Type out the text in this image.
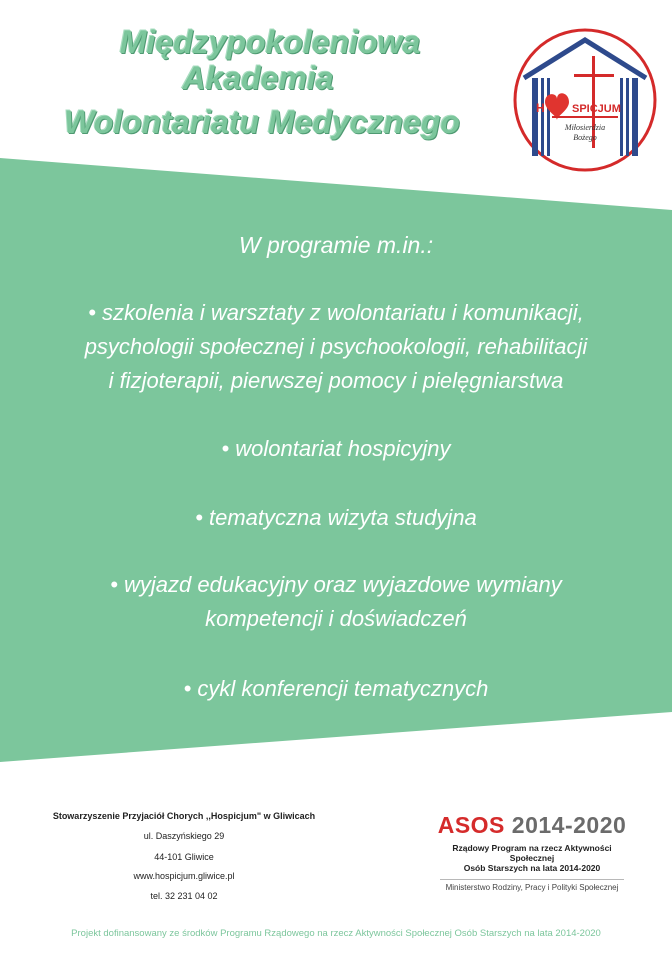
Międzypokoleniowa
Akademia
Wolontariatu Medycznego	H SPICJUM
Miłosierdzia
Bożego
W programie m.in.:
• szkolenia i warsztaty z wolontariatu i komunikacji,
psychologii społecznej i psychookologii, rehabilitacji
i fizjoterapii, pierwszej pomocy i pielęgniarstwa
• wolontariat hospicyjny
• tematyczna wizyta studyjna
• wyjazd edukacyjny oraz wyjazdowe wymiany
kompetencji i doświadczeń
• cykl konferencji tematycznych
Stowarzyszenie Przyjaciół Chorych ,,Hospicjum" w Gliwicach
ul. Daszyńskiego 29
44-101 Gliwice
www.hospicjum.gliwice.pl
tel. 32 231 04 02
ASOS 2014-2020
Rządowy Program na rzecz Aktywności Społecznej
Osób Starszych na lata 2014-2020
Ministerstwo Rodziny, Pracy i Polityki Społecznej
Projekt dofinansowany ze środków Programu Rządowego na rzecz Aktywności Społecznej Osób Starszych na lata 2014-2020
